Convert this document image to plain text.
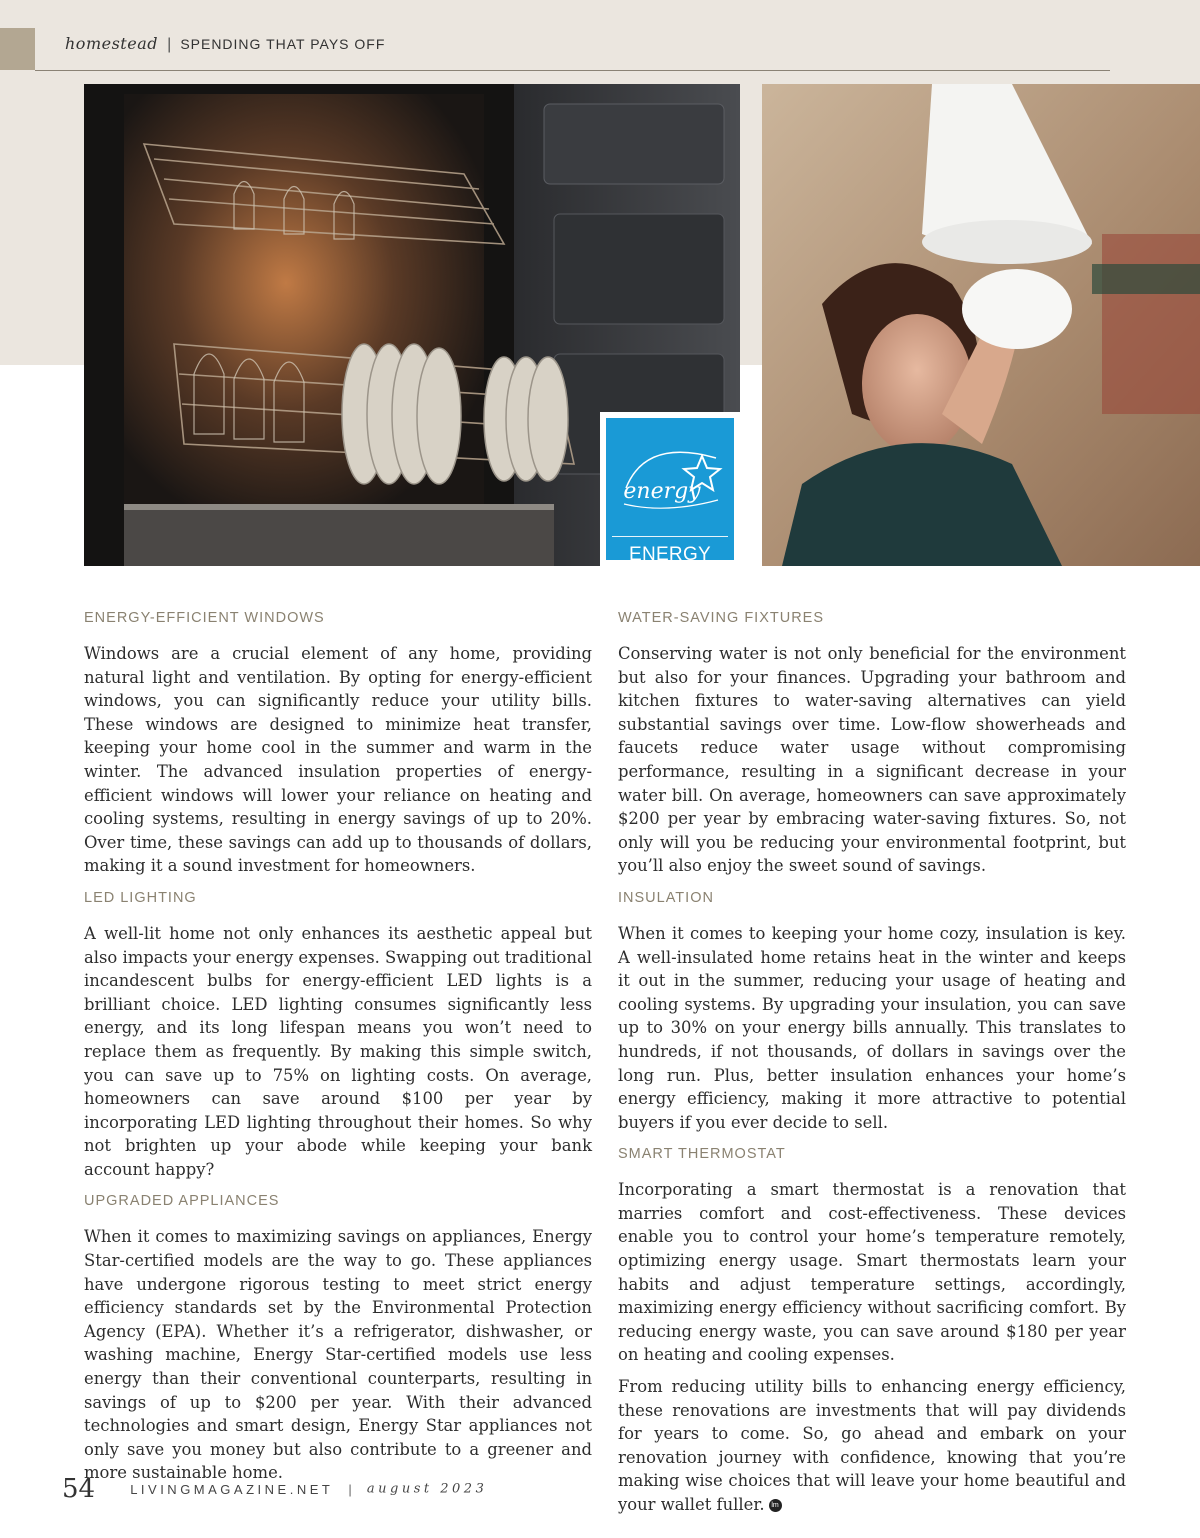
homestead | SPENDING THAT PAYS OFF
energy
ENERGY STAR
ENERGY-EFFICIENT WINDOWS

Windows are a crucial element of any home, providing natural light and ventilation. By opting for energy-efficient windows, you can significantly reduce your utility bills. These windows are designed to minimize heat transfer, keeping your home cool in the summer and warm in the winter. The advanced insulation properties of energy-efficient windows will lower your reliance on heating and cooling systems, resulting in energy savings of up to 20%. Over time, these savings can add up to thousands of dollars, making it a sound investment for homeowners.

LED LIGHTING

A well-lit home not only enhances its aesthetic appeal but also impacts your energy expenses. Swapping out traditional incandescent bulbs for energy-efficient LED lights is a brilliant choice. LED lighting consumes significantly less energy, and its long lifespan means you won’t need to replace them as frequently. By making this simple switch, you can save up to 75% on lighting costs. On average, homeowners can save around $100 per year by incorporating LED lighting throughout their homes. So why not brighten up your abode while keeping your bank account happy?

UPGRADED APPLIANCES

When it comes to maximizing savings on appliances, Energy Star-certified models are the way to go. These appliances have undergone rigorous testing to meet strict energy efficiency standards set by the Environmental Protection Agency (EPA). Whether it’s a refrigerator, dishwasher, or washing machine, Energy Star-certified models use less energy than their conventional counterparts, resulting in savings of up to $200 per year. With their advanced technologies and smart design, Energy Star appliances not only save you money but also contribute to a greener and more sustainable home.

WATER-SAVING FIXTURES

Conserving water is not only beneficial for the environment but also for your finances. Upgrading your bathroom and kitchen fixtures to water-saving alternatives can yield substantial savings over time. Low-flow showerheads and faucets reduce water usage without compromising performance, resulting in a significant decrease in your water bill. On average, homeowners can save approximately $200 per year by embracing water-saving fixtures. So, not only will you be reducing your environmental footprint, but you’ll also enjoy the sweet sound of savings.

INSULATION

When it comes to keeping your home cozy, insulation is key. A well-insulated home retains heat in the winter and keeps it out in the summer, reducing your usage of heating and cooling systems. By upgrading your insulation, you can save up to 30% on your energy bills annually. This translates to hundreds, if not thousands, of dollars in savings over the long run. Plus, better insulation enhances your home’s energy efficiency, making it more attractive to potential buyers if you ever decide to sell.

SMART THERMOSTAT

Incorporating a smart thermostat is a renovation that marries comfort and cost-effectiveness. These devices enable you to control your home’s temperature remotely, optimizing energy usage. Smart thermostats learn your habits and adjust temperature settings, accordingly, maximizing energy efficiency without sacrificing comfort. By reducing energy waste, you can save around $180 per year on heating and cooling expenses.

From reducing utility bills to enhancing energy efficiency, these renovations are investments that will pay dividends for years to come. So, go ahead and embark on your renovation journey with confidence, knowing that you’re making wise choices that will leave your home beautiful and your wallet fuller. lm

54	LIVINGMAGAZINE.NET | august 2023
